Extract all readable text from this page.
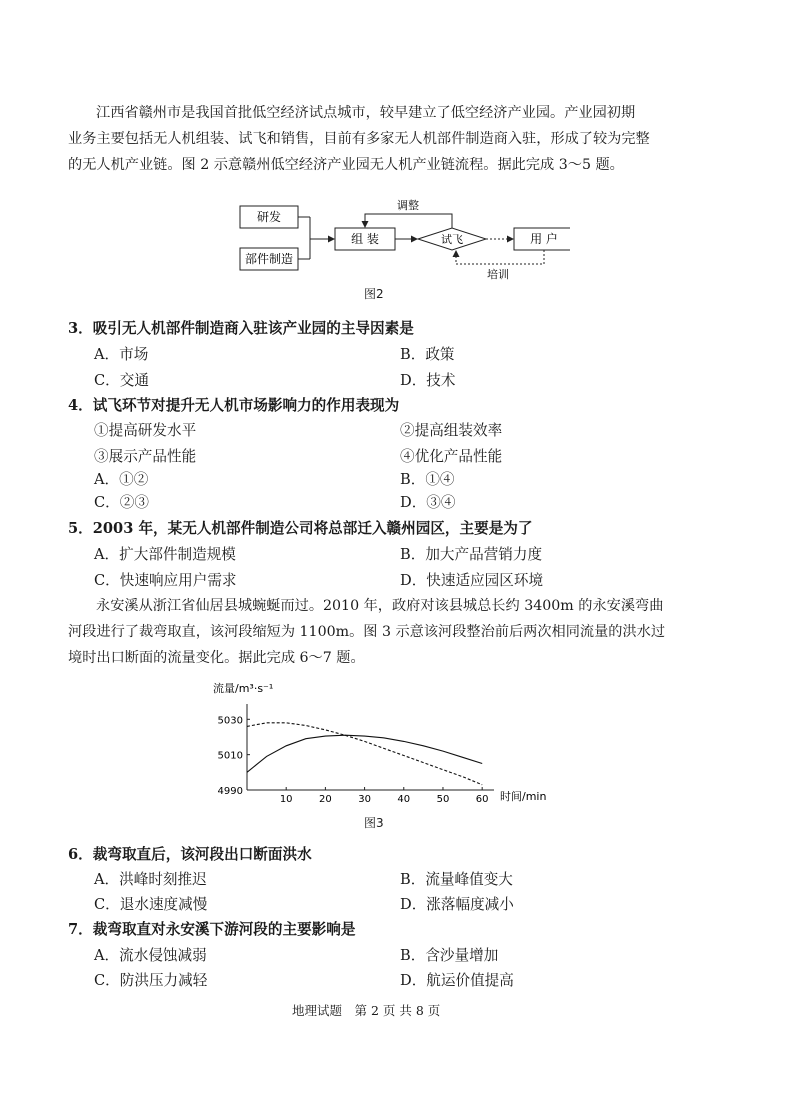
江西省赣州市是我国首批低空经济试点城市，较早建立了低空经济产业园。产业园初期

业务主要包括无人机组装、试飞和销售，目前有多家无人机部件制造商入驻，形成了较为完整

的无人机产业链。图 2 示意赣州低空经济产业园无人机产业链流程。据此完成 3～5 题。

研发
部件制造
组 装	试飞	用 户
调整
培训
图2
3．吸引无人机部件制造商入驻该产业园的主导因素是
A．市场	B．政策
C．交通	D．技术
4．试飞环节对提升无人机市场影响力的作用表现为
①提高研发水平	②提高组装效率
③展示产品性能	④优化产品性能
A．①②	B．①④
C．②③	D．③④
5．2003 年，某无人机部件制造公司将总部迁入赣州园区，主要是为了
A．扩大部件制造规模	B．加大产品营销力度
C．快速响应用户需求	D．快速适应园区环境

永安溪从浙江省仙居县城蜿蜒而过。2010 年，政府对该县城总长约 3400m 的永安溪弯曲

河段进行了裁弯取直，该河段缩短为 1100m。图 3 示意该河段整治前后两次相同流量的洪水过

境时出口断面的流量变化。据此完成 6～7 题。

流量/m³·s⁻¹
时间/min
4990
5010
5030
10	20	30	40	50	60
图3
6．裁弯取直后，该河段出口断面洪水
A．洪峰时刻推迟	B．流量峰值变大
C．退水速度减慢	D．涨落幅度减小
7．裁弯取直对永安溪下游河段的主要影响是
A．流水侵蚀减弱	B．含沙量增加
C．防洪压力减轻	D．航运价值提高
地理试题　第 2 页 共 8 页
